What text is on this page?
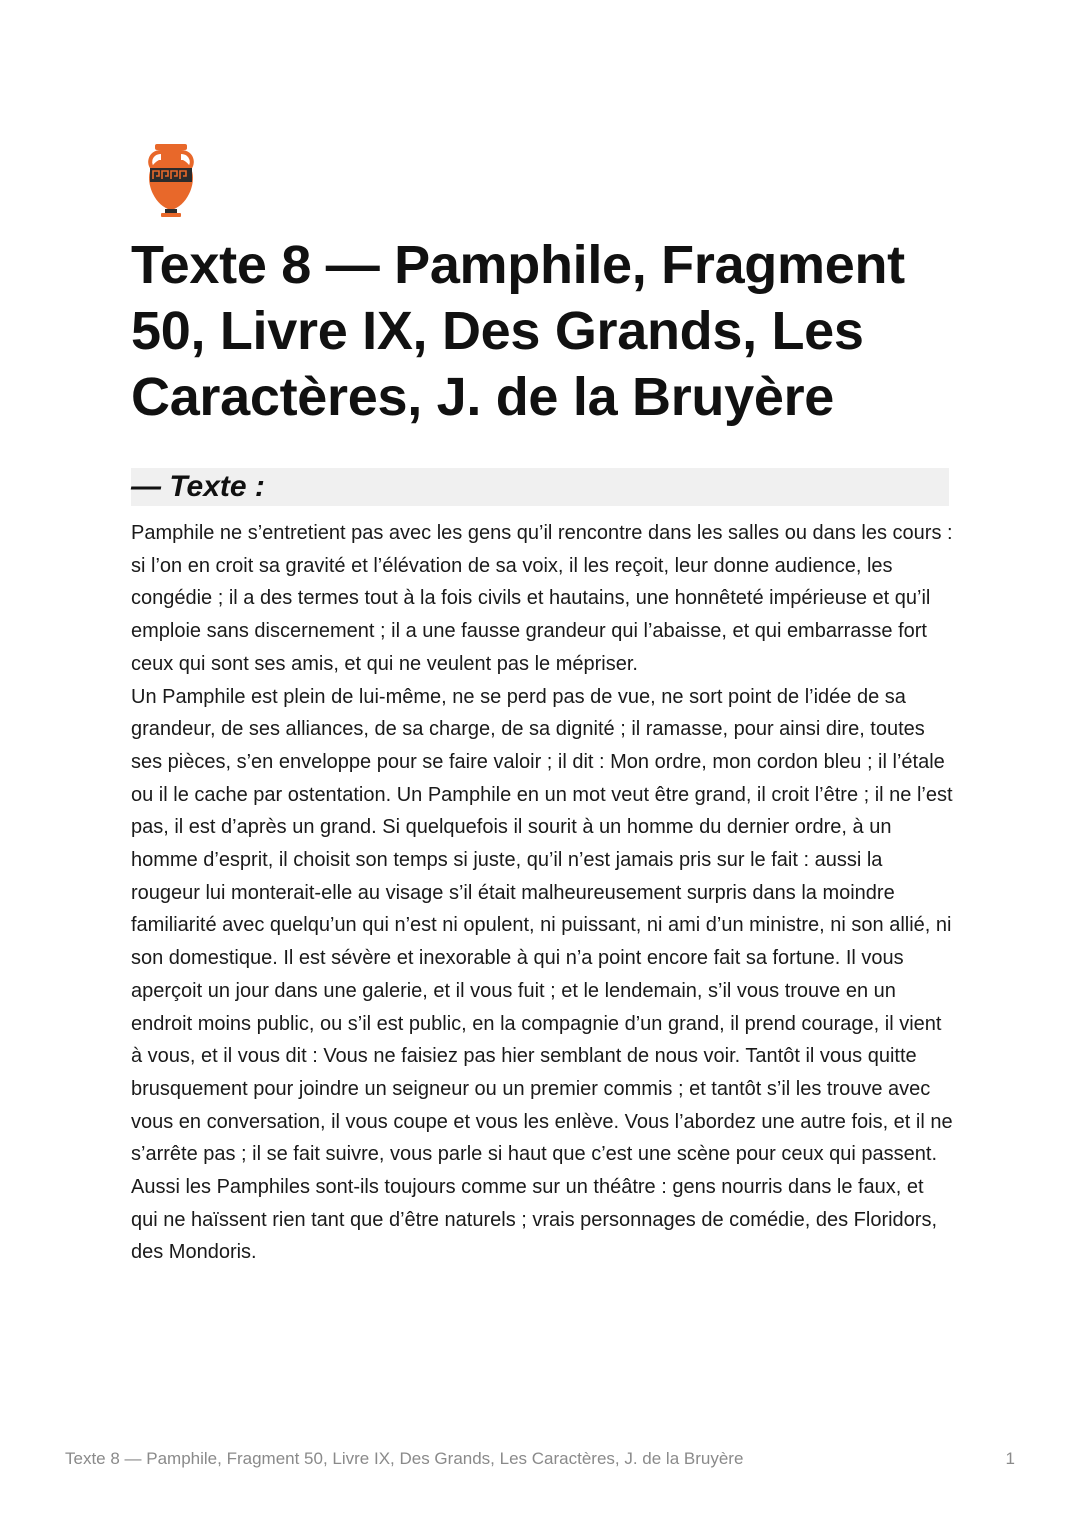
Texte 8 — Pamphile, Fragment 50, Livre IX, Des Grands, Les Caractères, J. de la Bruyère
— Texte :

Pamphile ne s’entretient pas avec les gens qu’il rencontre dans les salles ou dans les cours : si l’on en croit sa gravité et l’élévation de sa voix, il les reçoit, leur donne audience, les congédie ; il a des termes tout à la fois civils et hautains, une honnêteté impérieuse et qu’il emploie sans discernement ; il a une fausse grandeur qui l’abaisse, et qui embarrasse fort ceux qui sont ses amis, et qui ne veulent pas le mépriser.

Un Pamphile est plein de lui-même, ne se perd pas de vue, ne sort point de l’idée de sa grandeur, de ses alliances, de sa charge, de sa dignité ; il ramasse, pour ainsi dire, toutes ses pièces, s’en enveloppe pour se faire valoir ; il dit : Mon ordre, mon cordon bleu ; il l’étale ou il le cache par ostentation. Un Pamphile en un mot veut être grand, il croit l’être ; il ne l’est pas, il est d’après un grand. Si quelquefois il sourit à un homme du dernier ordre, à un homme d’esprit, il choisit son temps si juste, qu’il n’est jamais pris sur le fait : aussi la rougeur lui monterait-elle au visage s’il était malheureusement surpris dans la moindre familiarité avec quelqu’un qui n’est ni opulent, ni puissant, ni ami d’un ministre, ni son allié, ni son domestique. Il est sévère et inexorable à qui n’a point encore fait sa fortune. Il vous aperçoit un jour dans une galerie, et il vous fuit ; et le lendemain, s’il vous trouve en un endroit moins public, ou s’il est public, en la compagnie d’un grand, il prend courage, il vient à vous, et il vous dit : Vous ne faisiez pas hier semblant de nous voir. Tantôt il vous quitte brusquement pour joindre un seigneur ou un premier commis ; et tantôt s’il les trouve avec vous en conversation, il vous coupe et vous les enlève. Vous l’abordez une autre fois, et il ne s’arrête pas ; il se fait suivre, vous parle si haut que c’est une scène pour ceux qui passent. Aussi les Pamphiles sont-ils toujours comme sur un théâtre : gens nourris dans le faux, et qui ne haïssent rien tant que d’être naturels ; vrais personnages de comédie, des Floridors, des Mondoris.

Texte 8 — Pamphile, Fragment 50, Livre IX, Des Grands, Les Caractères, J. de la Bruyère	1
